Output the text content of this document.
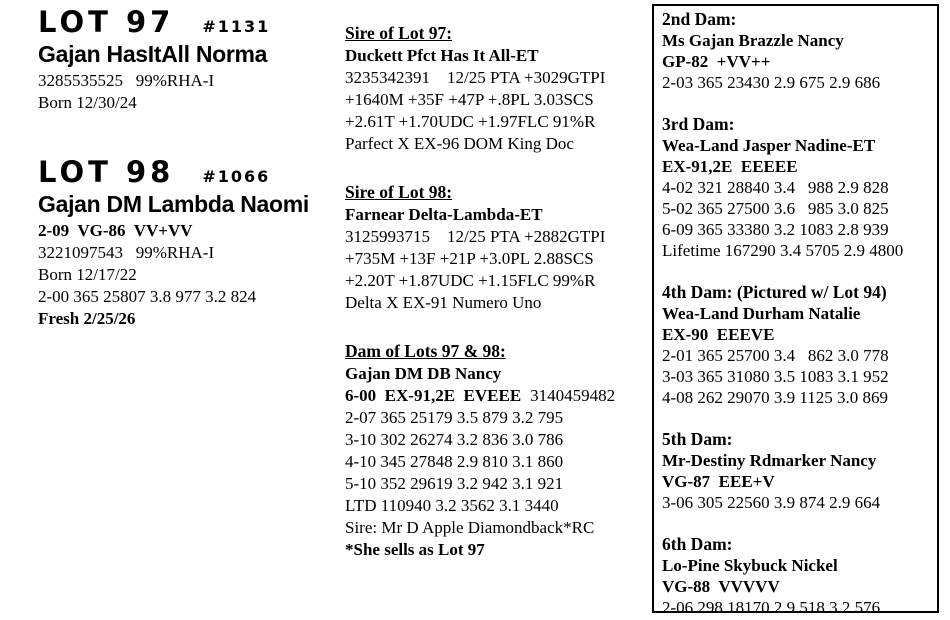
LOT 97 #1131
Gajan HasItAll Norma
3285535525   99%RHA-I
Born 12/30/24
LOT 98 #1066
Gajan DM Lambda Naomi
2-09  VG-86  VV+VV
3221097543   99%RHA-I
Born 12/17/22
2-00 365 25807 3.8 977 3.2 824
Fresh 2/25/26
Sire of Lot 97:
Duckett Pfct Has It All-ET
3235342391    12/25 PTA +3029GTPI
+1640M +35F +47P +.8PL 3.03SCS
+2.61T +1.70UDC +1.97FLC 91%R
Parfect X EX-96 DOM King Doc
Sire of Lot 98:
Farnear Delta-Lambda-ET
3125993715    12/25 PTA +2882GTPI
+735M +13F +21P +3.0PL 2.88SCS
+2.20T +1.87UDC +1.15FLC 99%R
Delta X EX-91 Numero Uno
Dam of Lots 97 & 98:
Gajan DM DB Nancy
6-00  EX-91,2E  EVEEE 3140459482
2-07 365 25179 3.5 879 3.2 795
3-10 302 26274 3.2 836 3.0 786
4-10 345 27848 2.9 810 3.1 860
5-10 352 29619 3.2 942 3.1 921
LTD 110940 3.2 3562 3.1 3440
Sire: Mr D Apple Diamondback*RC
*She sells as Lot 97
2nd Dam:
Ms Gajan Brazzle Nancy
GP-82  +VV++
2-03 365 23430 2.9 675 2.9 686
3rd Dam:
Wea-Land Jasper Nadine-ET
EX-91,2E  EEEEE
4-02 321 28840 3.4   988 2.9 828
5-02 365 27500 3.6   985 3.0 825
6-09 365 33380 3.2 1083 2.8 939
Lifetime 167290 3.4 5705 2.9 4800
4th Dam: (Pictured w/ Lot 94)
Wea-Land Durham Natalie
EX-90  EEEVE
2-01 365 25700 3.4   862 3.0 778
3-03 365 31080 3.5 1083 3.1 952
4-08 262 29070 3.9 1125 3.0 869
5th Dam:
Mr-Destiny Rdmarker Nancy
VG-87  EEE+V
3-06 305 22560 3.9 874 2.9 664
6th Dam:
Lo-Pine Skybuck Nickel
VG-88  VVVVV
2-06 298 18170 2.9 518 3.2 576
